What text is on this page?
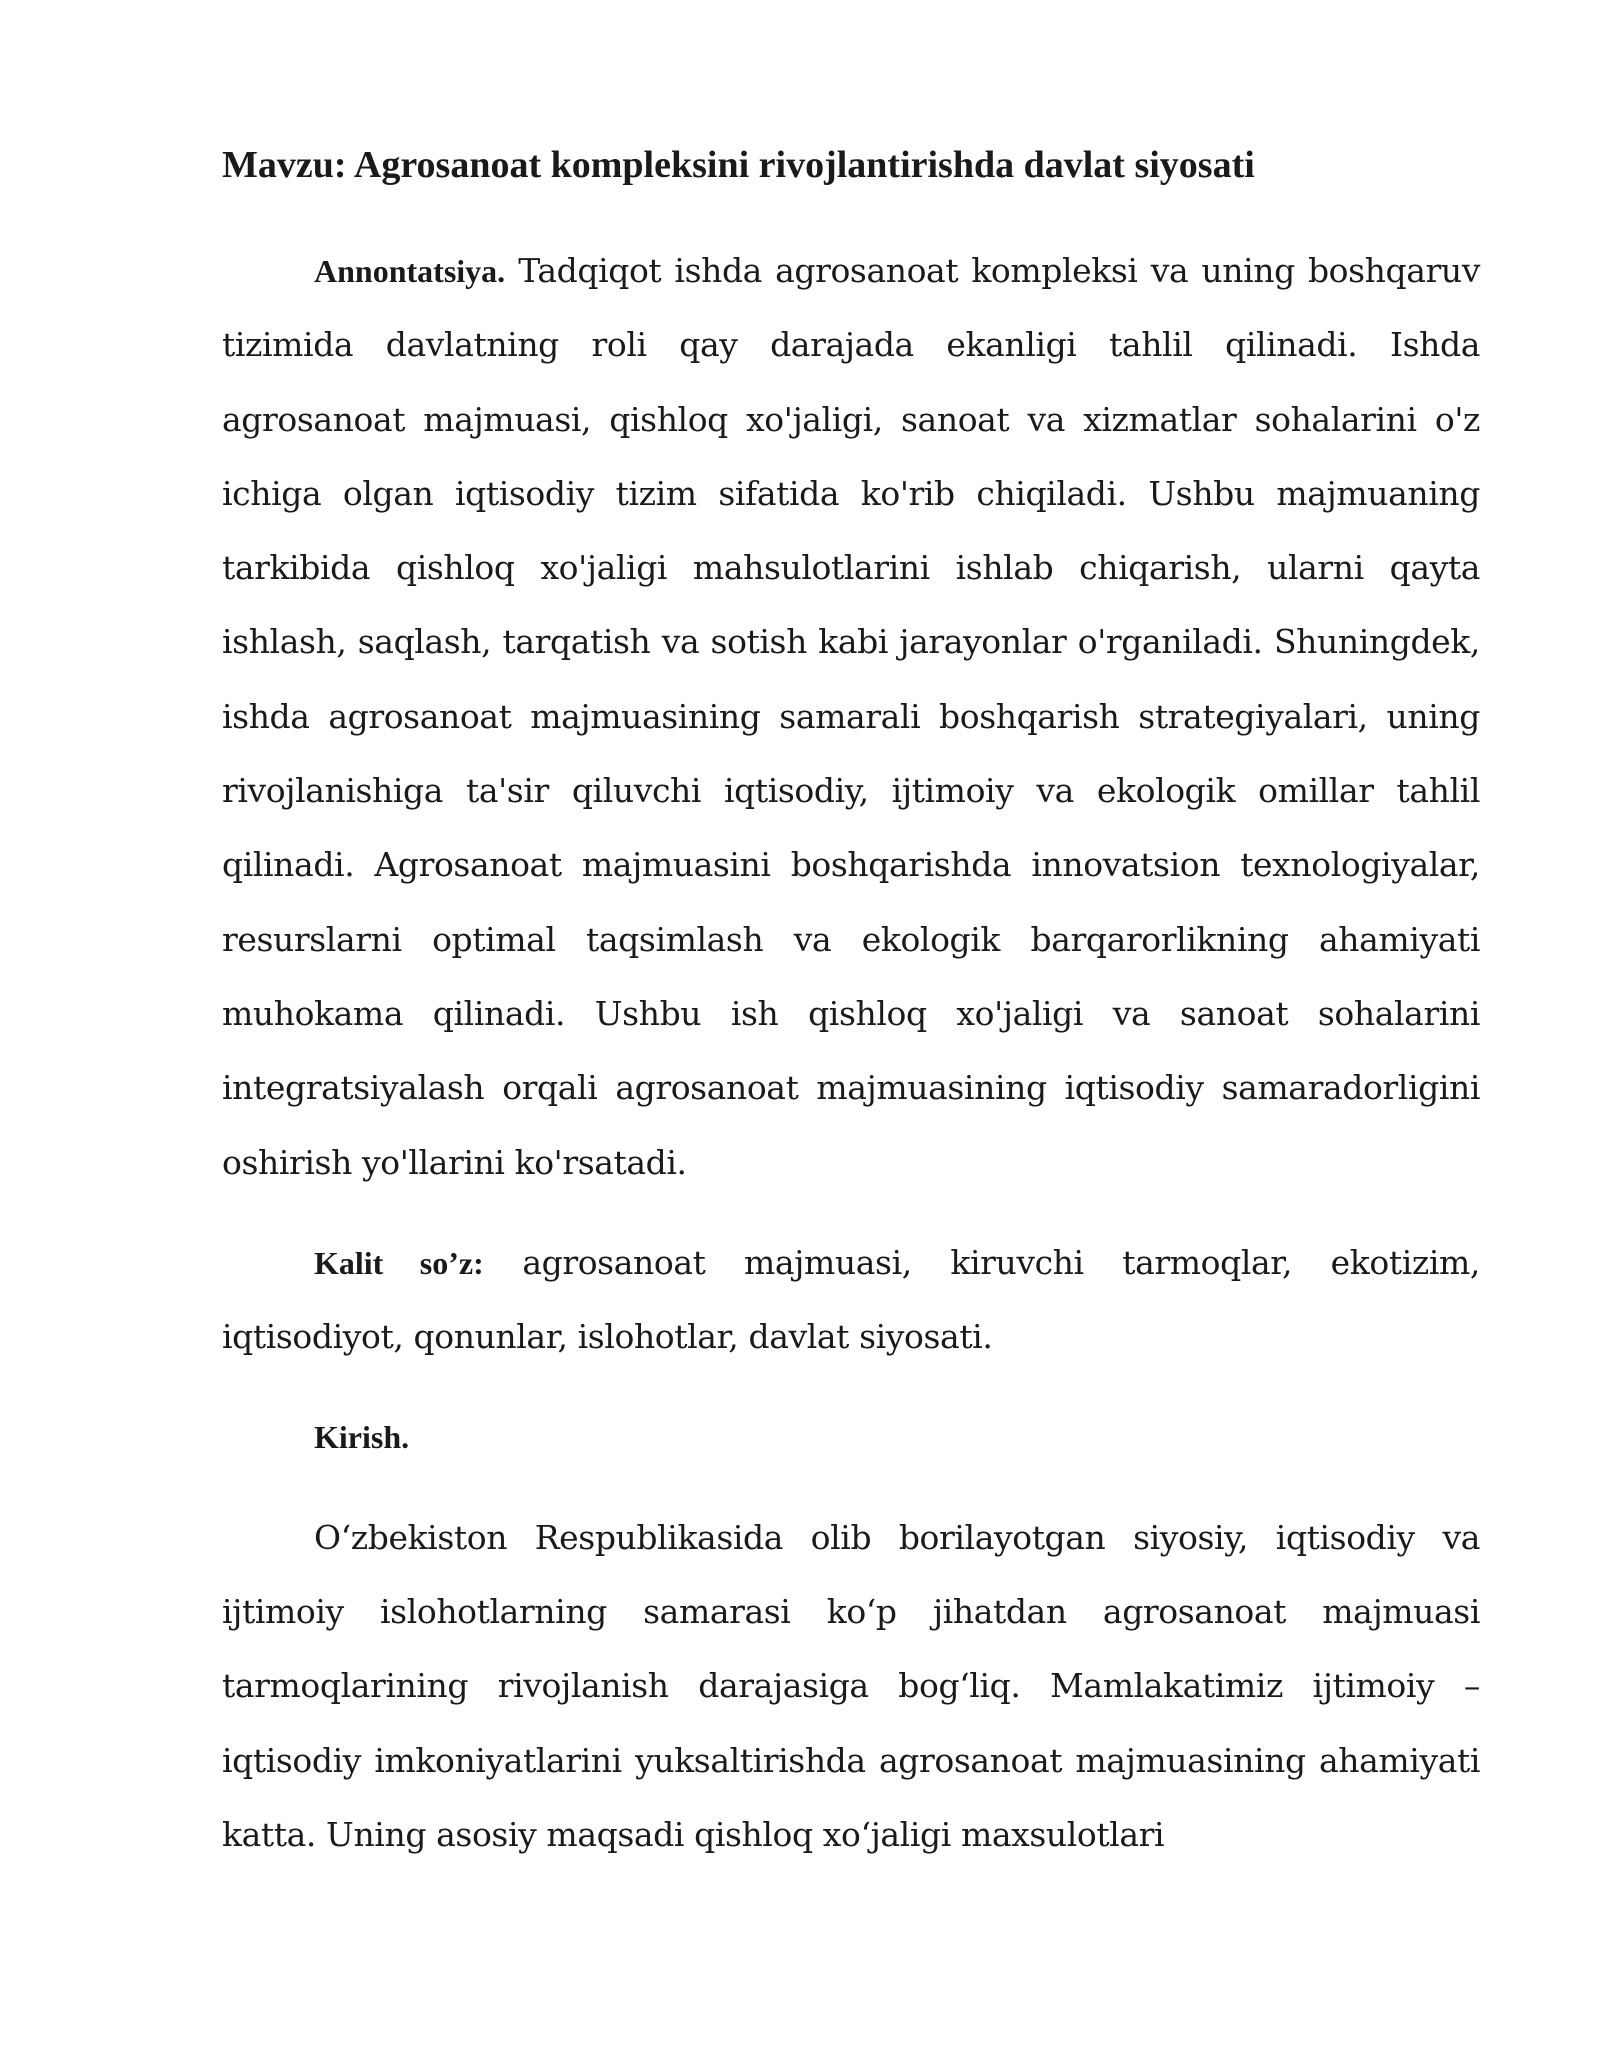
Mavzu: Agrosanoat kompleksini rivojlantirishda davlat siyosati

Annontatsiya. Tadqiqot ishda agrosanoat kompleksi va uning boshqaruv tizimida davlatning roli qay darajada ekanligi tahlil qilinadi. Ishda agrosanoat majmuasi, qishloq xo'jaligi, sanoat va xizmatlar sohalarini o'z ichiga olgan iqtisodiy tizim sifatida ko'rib chiqiladi. Ushbu majmuaning tarkibida qishloq xo'jaligi mahsulotlarini ishlab chiqarish, ularni qayta ishlash, saqlash, tarqatish va sotish kabi jarayonlar o'rganiladi. Shuningdek, ishda agrosanoat majmuasining samarali boshqarish strategiyalari, uning rivojlanishiga ta'sir qiluvchi iqtisodiy, ijtimoiy va ekologik omillar tahlil qilinadi. Agrosanoat majmuasini boshqarishda innovatsion texnologiyalar, resurslarni optimal taqsimlash va ekologik barqarorlikning ahamiyati muhokama qilinadi. Ushbu ish qishloq xo'jaligi va sanoat sohalarini integratsiyalash orqali agrosanoat majmuasining iqtisodiy samaradorligini oshirish yo'llarini ko'rsatadi.

Kalit so’z: agrosanoat majmuasi, kiruvchi tarmoqlar, ekotizim, iqtisodiyot, qonunlar, islohotlar, davlat siyosati.

Kirish.

O‘zbekiston Respublikasida olib borilayotgan siyosiy, iqtisodiy va ijtimoiy islohotlarning samarasi ko‘p jihatdan agrosanoat majmuasi tarmoqlarining rivojlanish darajasiga bog‘liq. Mamlakatimiz ijtimoiy – iqtisodiy imkoniyatlarini yuksaltirishda agrosanoat majmuasining ahamiyati katta. Uning asosiy maqsadi qishloq xo‘jaligi maxsulotlari
